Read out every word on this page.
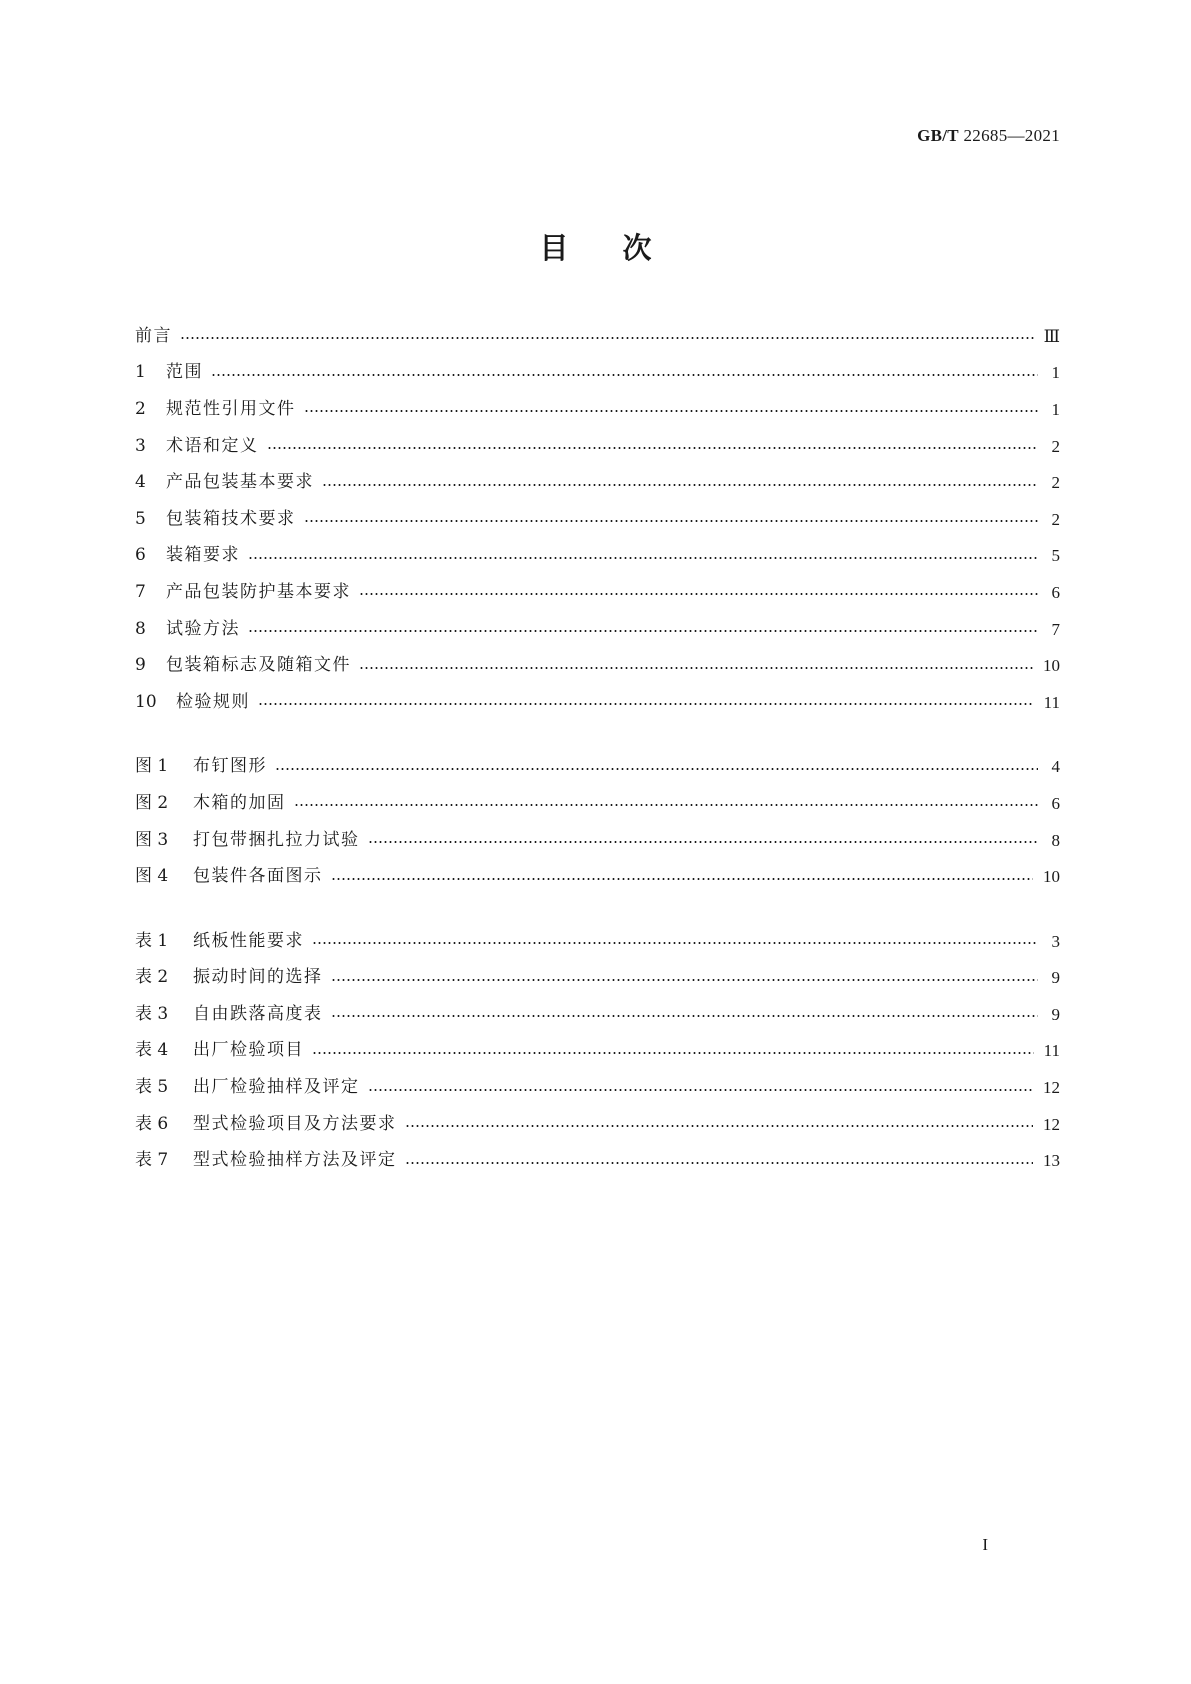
GB/T 22685—2021
目次
前言	Ⅲ
1	范围	1
2	规范性引用文件	1
3	术语和定义	2
4	产品包装基本要求	2
5	包装箱技术要求	2
6	装箱要求	5
7	产品包装防护基本要求	6
8	试验方法	7
9	包装箱标志及随箱文件	10
10	检验规则	11
图 1	布钉图形	4
图 2	木箱的加固	6
图 3	打包带捆扎拉力试验	8
图 4	包装件各面图示	10
表 1	纸板性能要求	3
表 2	振动时间的选择	9
表 3	自由跌落高度表	9
表 4	出厂检验项目	11
表 5	出厂检验抽样及评定	12
表 6	型式检验项目及方法要求	12
表 7	型式检验抽样方法及评定	13
I
